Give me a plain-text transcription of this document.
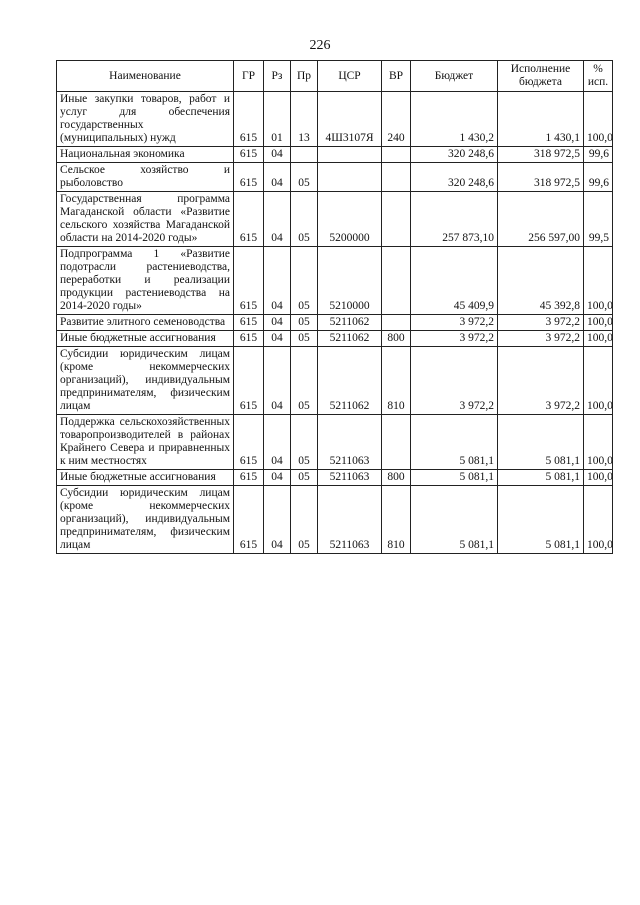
226
Наименование	ГР	Рз	Пр	ЦСР	ВР	Бюджет	Исполнение бюджета	% исп.
Иные закупки товаров, работ и услуг для обеспечения государственных (муниципальных) нужд	615	01	13	4Ш3107Я	240	1 430,2	1 430,1	100,0
Национальная экономика	615	04				320 248,6	318 972,5	99,6
Сельское хозяйство и рыболовство	615	04	05			320 248,6	318 972,5	99,6
Государственная программа Магаданской области «Развитие сельского хозяйства Магаданской области на 2014-2020 годы»	615	04	05	5200000		257 873,10	256 597,00	99,5
Подпрограмма 1 «Развитие подотрасли растениеводства, переработки и реализации продукции растениеводства на 2014-2020 годы»	615	04	05	5210000		45 409,9	45 392,8	100,0
Развитие элитного семеноводства	615	04	05	5211062		3 972,2	3 972,2	100,0
Иные бюджетные ассигнования	615	04	05	5211062	800	3 972,2	3 972,2	100,0
Субсидии юридическим лицам (кроме некоммерческих организаций), индивидуальным предпринимателям, физическим лицам	615	04	05	5211062	810	3 972,2	3 972,2	100,0
Поддержка сельскохозяйственных товаропроизводителей в районах Крайнего Севера и приравненных к ним местностях	615	04	05	5211063		5 081,1	5 081,1	100,0
Иные бюджетные ассигнования	615	04	05	5211063	800	5 081,1	5 081,1	100,0
Субсидии юридическим лицам (кроме некоммерческих организаций), индивидуальным предпринимателям, физическим лицам	615	04	05	5211063	810	5 081,1	5 081,1	100,0
